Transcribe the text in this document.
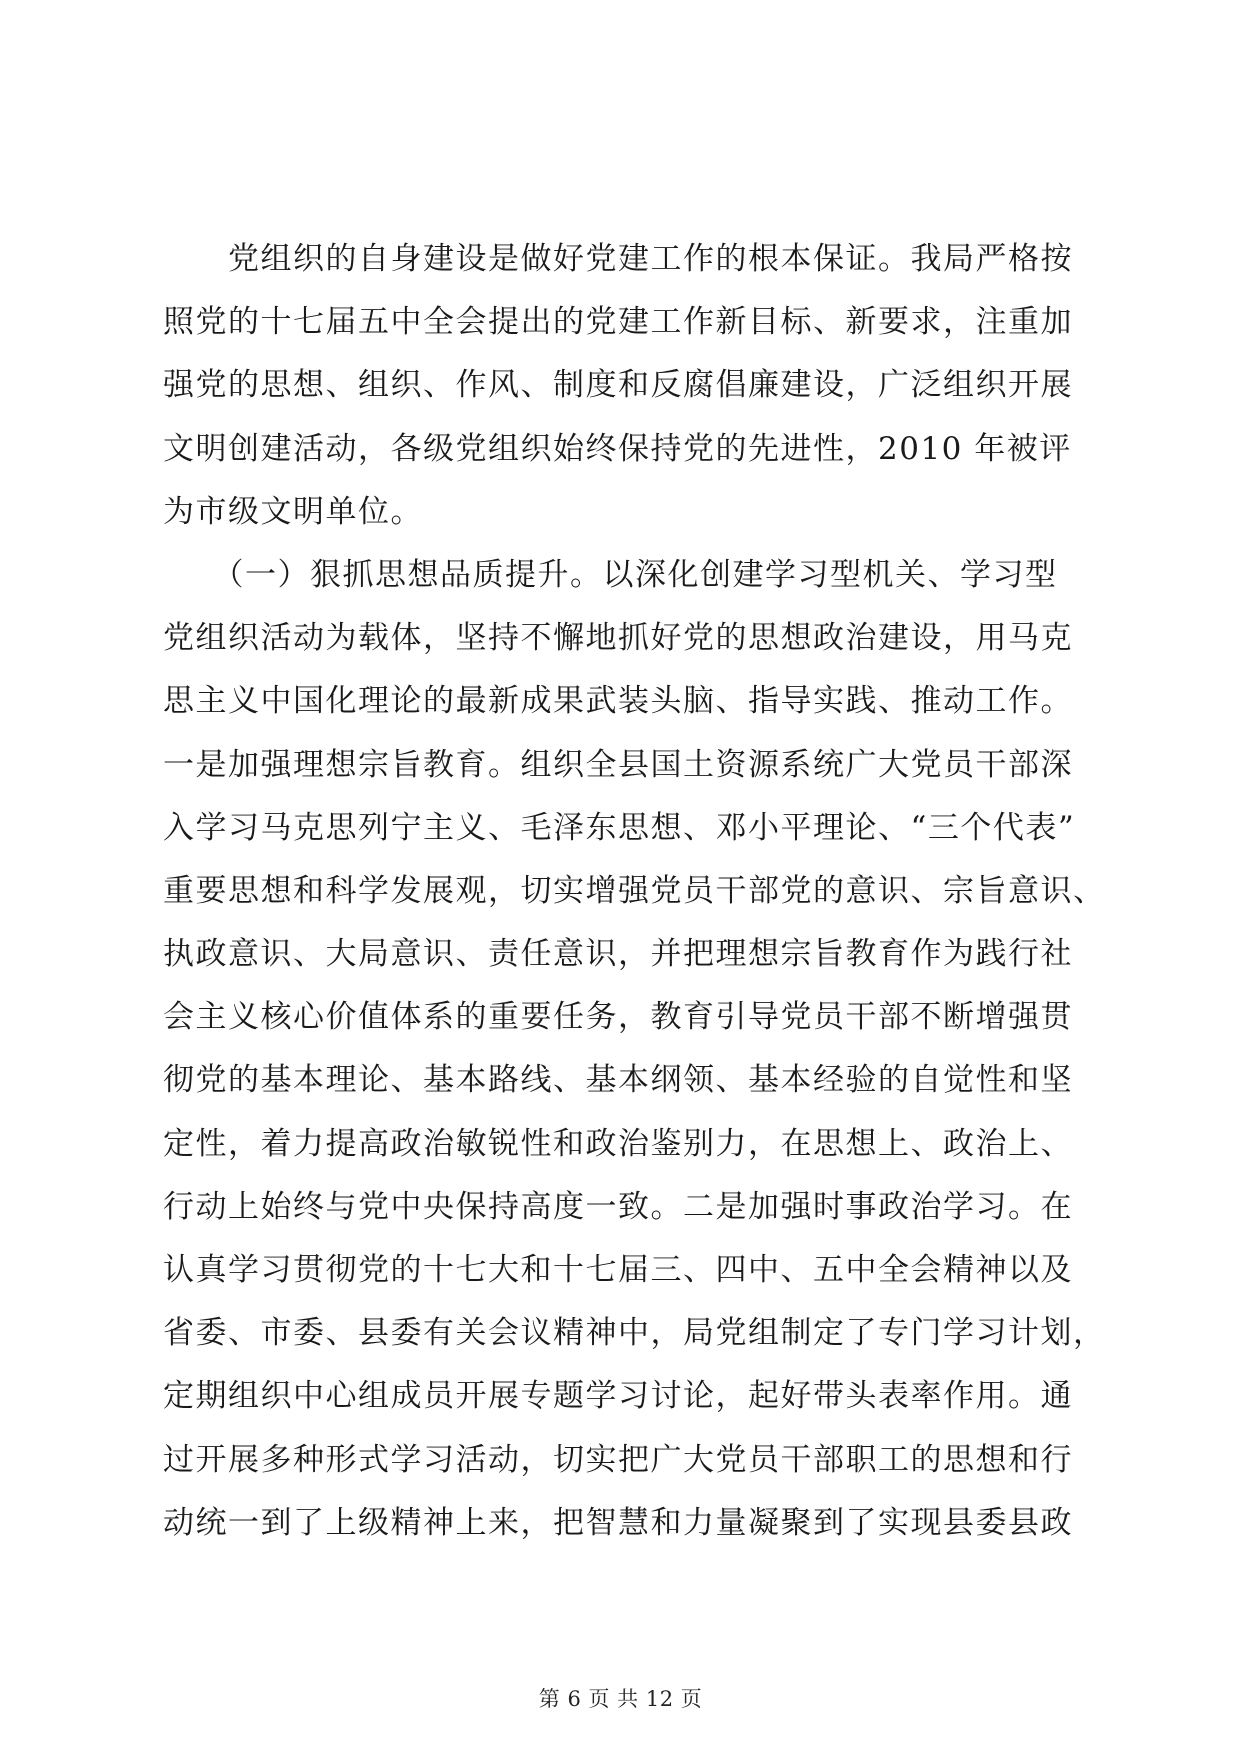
　　党组织的自身建设是做好党建工作的根本保证。我局严格按
照党的十七届五中全会提出的党建工作新目标、新要求，注重加
强党的思想、组织、作风、制度和反腐倡廉建设，广泛组织开展
文明创建活动，各级党组织始终保持党的先进性，2010 年被评
为市级文明单位。
　　（一）狠抓思想品质提升。以深化创建学习型机关、学习型
党组织活动为载体，坚持不懈地抓好党的思想政治建设，用马克
思主义中国化理论的最新成果武装头脑、指导实践、推动工作。
一是加强理想宗旨教育。组织全县国土资源系统广大党员干部深
入学习马克思列宁主义、毛泽东思想、邓小平理论、“三个代表”
重要思想和科学发展观，切实增强党员干部党的意识、宗旨意识、
执政意识、大局意识、责任意识，并把理想宗旨教育作为践行社
会主义核心价值体系的重要任务，教育引导党员干部不断增强贯
彻党的基本理论、基本路线、基本纲领、基本经验的自觉性和坚
定性，着力提高政治敏锐性和政治鉴别力，在思想上、政治上、
行动上始终与党中央保持高度一致。二是加强时事政治学习。在
认真学习贯彻党的十七大和十七届三、四中、五中全会精神以及
省委、市委、县委有关会议精神中，局党组制定了专门学习计划，
定期组织中心组成员开展专题学习讨论，起好带头表率作用。通
过开展多种形式学习活动，切实把广大党员干部职工的思想和行
动统一到了上级精神上来，把智慧和力量凝聚到了实现县委县政
第 6 页 共 12 页
